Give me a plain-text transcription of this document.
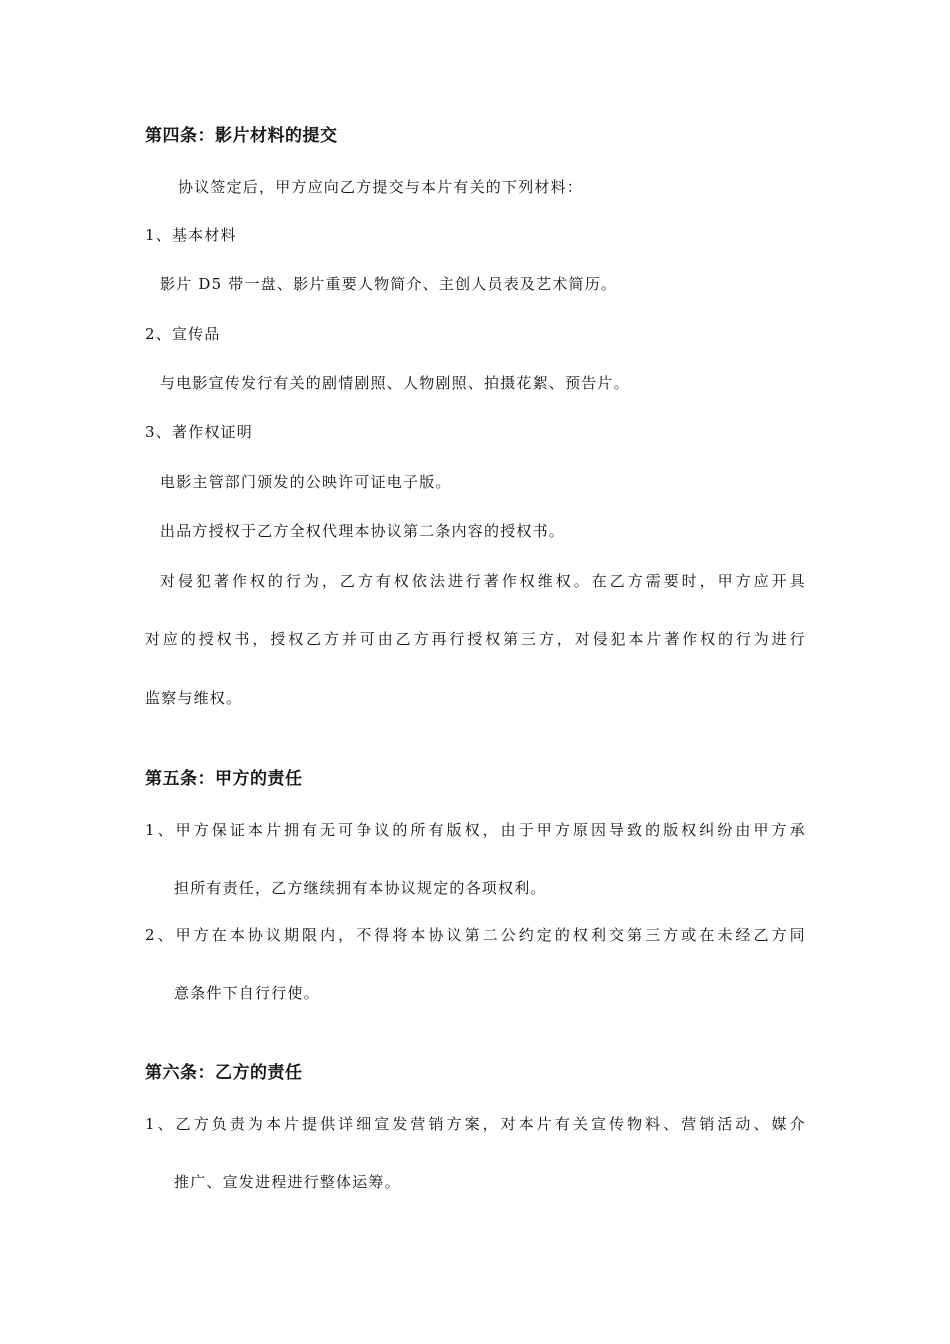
第四条：影片材料的提交
协议签定后，甲方应向乙方提交与本片有关的下列材料：
1、基本材料
影片 D5 带一盘、影片重要人物简介、主创人员表及艺术简历。
2、宣传品
与电影宣传发行有关的剧情剧照、人物剧照、拍摄花絮、预告片。
3、著作权证明
电影主管部门颁发的公映许可证电子版。
出品方授权于乙方全权代理本协议第二条内容的授权书。
对侵犯著作权的行为，乙方有权依法进行著作权维权。在乙方需要时，甲方应开具
对应的授权书，授权乙方并可由乙方再行授权第三方，对侵犯本片著作权的行为进行
监察与维权。
第五条：甲方的责任
1、甲方保证本片拥有无可争议的所有版权，由于甲方原因导致的版权纠纷由甲方承
担所有责任，乙方继续拥有本协议规定的各项权利。
2、甲方在本协议期限内，不得将本协议第二公约定的权利交第三方或在未经乙方同
意条件下自行行使。
第六条：乙方的责任
1、乙方负责为本片提供详细宣发营销方案，对本片有关宣传物料、营销活动、媒介
推广、宣发进程进行整体运筹。
